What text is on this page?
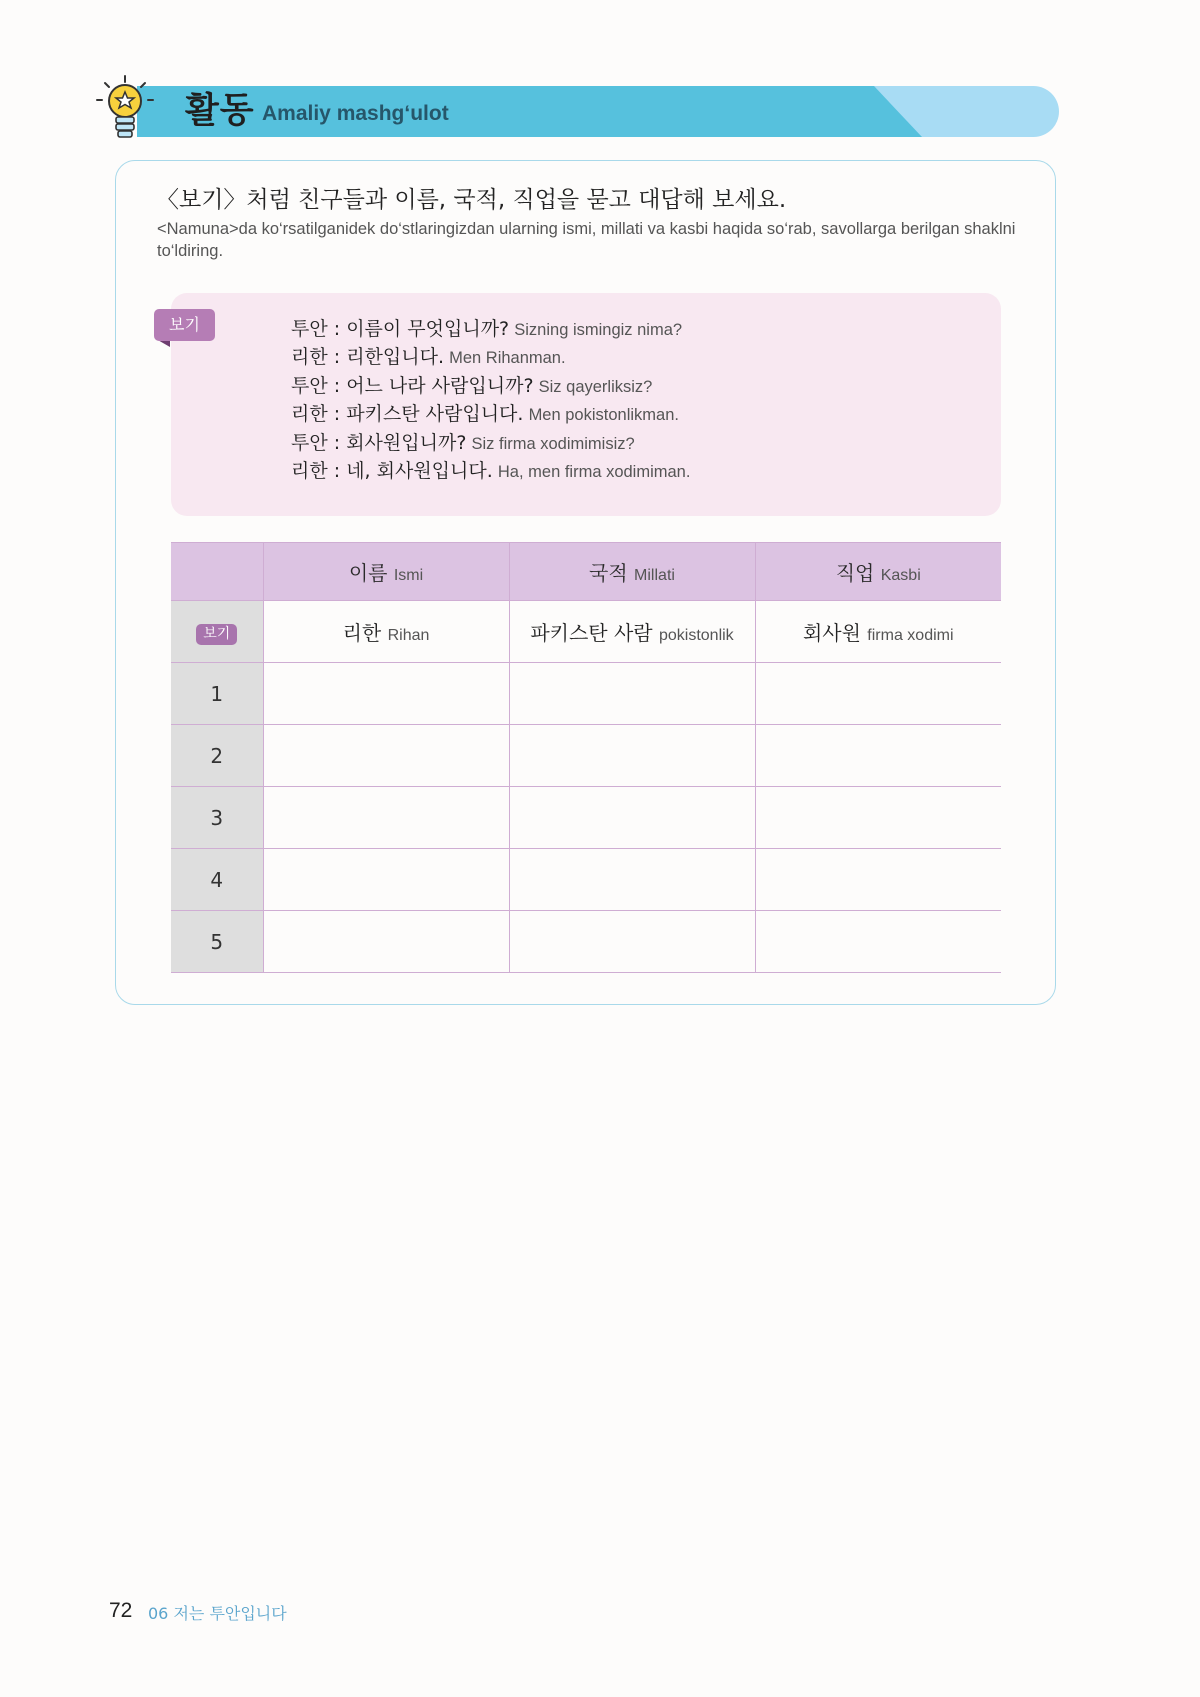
활동 Amaliy mashg‘ulot
〈보기〉처럼 친구들과 이름, 국적, 직업을 묻고 대답해 보세요.
<Namuna>da ko‘rsatilganidek do‘stlaringizdan ularning ismi, millati va kasbi haqida so‘rab, savollarga berilgan shaklni to‘ldiring.
보기	투안 : 이름이 무엇입니까? Sizning ismingiz nima?
리한 : 리한입니다. Men Rihanman.
투안 : 어느 나라 사람입니까? Siz qayerliksiz?
리한 : 파키스탄 사람입니다. Men pokistonlikman.
투안 : 회사원입니까? Siz firma xodimimisiz?
리한 : 네, 회사원입니다. Ha, men firma xodimiman.
	이름 Ismi	국적 Millati	직업 Kasbi
보기	리한 Rihan	파키스탄 사람 pokistonlik	회사원 firma xodimi
1			
2			
3			
4			
5			
72 06 저는 투안입니다
